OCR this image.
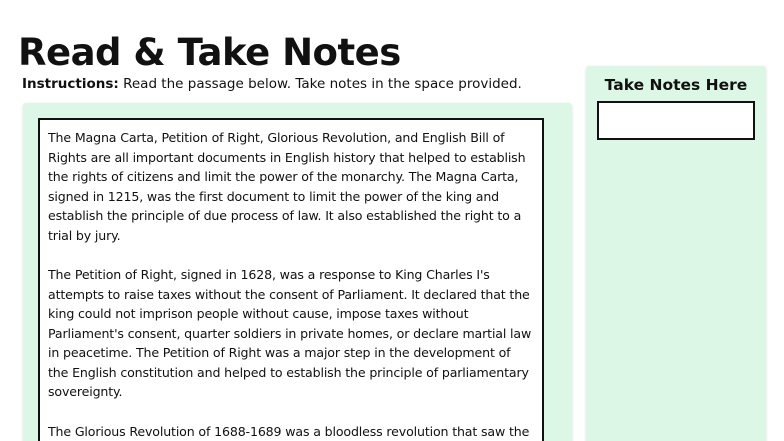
Read & Take Notes
Instructions: Read the passage below. Take notes in the space provided.

The Magna Carta, Petition of Right, Glorious Revolution, and English Bill of Rights are all important documents in English history that helped to establish the rights of citizens and limit the power of the monarchy. The Magna Carta, signed in 1215, was the first document to limit the power of the king and establish the principle of due process of law. It also established the right to a trial by jury.

The Petition of Right, signed in 1628, was a response to King Charles I's attempts to raise taxes without the consent of Parliament. It declared that the king could not imprison people without cause, impose taxes without Parliament's consent, quarter soldiers in private homes, or declare martial law in peacetime. The Petition of Right was a major step in the development of the English constitution and helped to establish the principle of parliamentary sovereignty.

The Glorious Revolution of 1688-1689 was a bloodless revolution that saw the

Take Notes Here
